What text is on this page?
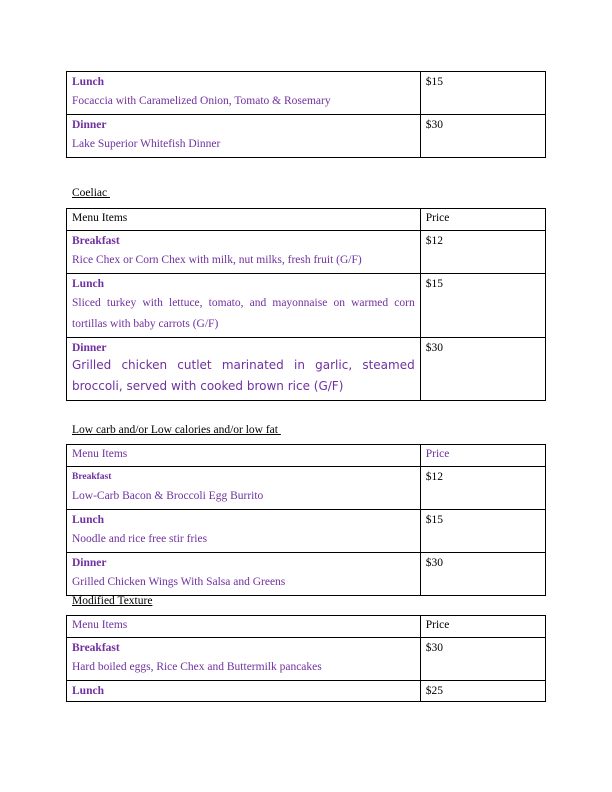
Lunch
Focaccia with Caramelized Onion, Tomato & Rosemary	$15

Dinner
Lake Superior Whitefish Dinner	$30
Coeliac
Menu Items	Price

Breakfast
Rice Chex or Corn Chex with milk, nut milks, fresh fruit (G/F)	$12

Lunch
Sliced turkey with lettuce, tomato, and mayonnaise on warmed corn tortillas with baby carrots (G/F)	$15

Dinner
Grilled chicken cutlet marinated in garlic, steamed broccoli, served with cooked brown rice (G/F)	$30
Low carb and/or Low calories and/or low fat
Menu Items	Price

Breakfast
Low-Carb Bacon & Broccoli Egg Burrito	$12

Lunch
Noodle and rice free stir fries	$15

Dinner
Grilled Chicken Wings With Salsa and Greens	$30
Modified Texture
Menu Items	Price

Breakfast
Hard boiled eggs, Rice Chex and Buttermilk pancakes	$30

Lunch	$25
